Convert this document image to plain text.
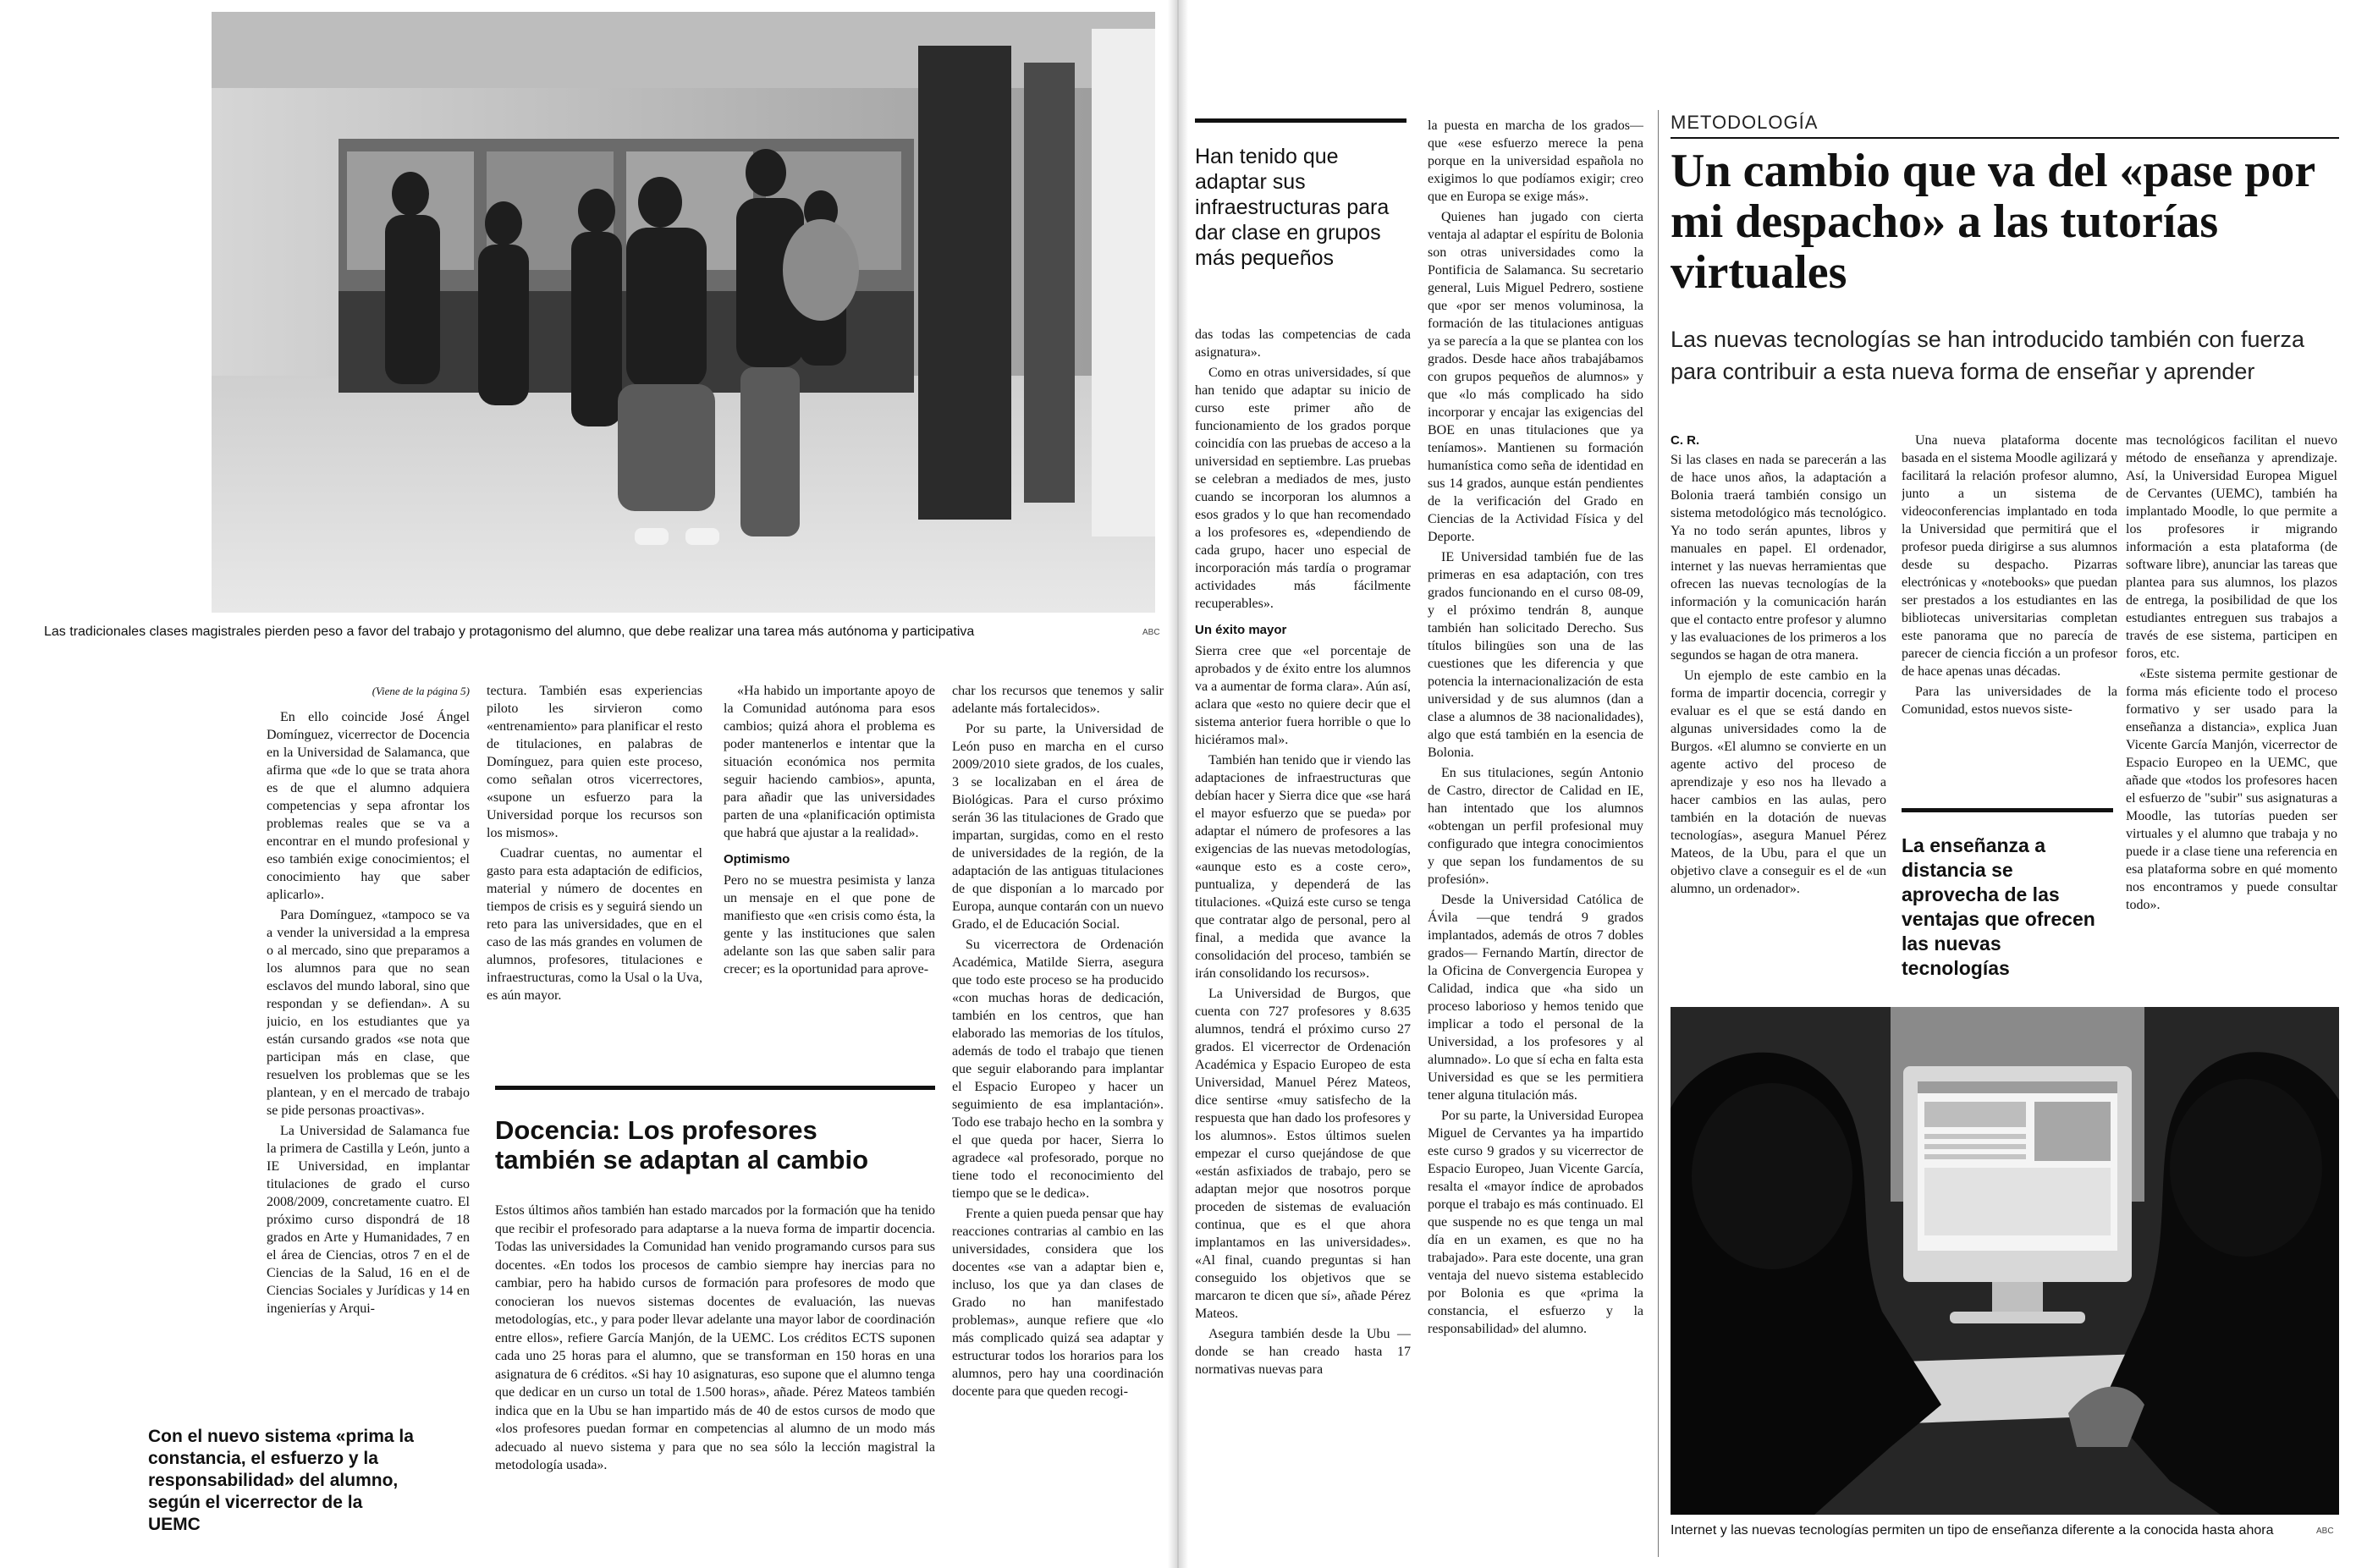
Las tradicionales clases magistrales pierden peso a favor del trabajo y protagonismo del alumno, que debe realizar una tarea más autónoma y participativa	ABC

(Viene de la página 5)

En ello coincide José Ángel Domínguez, vicerrector de Docencia en la Universidad de Salamanca, que afirma que «de lo que se trata ahora es de que el alumno adquiera competencias y sepa afrontar los problemas reales que se va a encontrar en el mundo profesional y eso también exige conocimientos; el conocimiento hay que saber aplicarlo».

Para Domínguez, «tampoco se va a vender la universidad a la empresa o al mercado, sino que preparamos a los alumnos para que no sean esclavos del mundo laboral, sino que respondan y se defiendan». A su juicio, en los estudiantes que ya están cursando grados «se nota que participan más en clase, que resuelven los problemas que se les plantean, y en el mercado de trabajo se pide personas proactivas».

La Universidad de Salamanca fue la primera de Castilla y León, junto a IE Universidad, en implantar titulaciones de grado el curso 2008/2009, concretamente cuatro. El próximo curso dispondrá de 18 grados en Arte y Humanidades, 7 en el área de Ciencias, otros 7 en el de Ciencias de la Salud, 16 en el de Ciencias Sociales y Jurídicas y 14 en ingenierías y Arqui-

tectura. También esas experiencias piloto les sirvieron como «entrenamiento» para planificar el resto de titulaciones, en palabras de Domínguez, para quien este proceso, como señalan otros vicerrectores, «supone un esfuerzo para la Universidad porque los recursos son los mismos».

Cuadrar cuentas, no aumentar el gasto para esta adaptación de edificios, material y número de docentes en tiempos de crisis es y seguirá siendo un reto para las universidades, que en el caso de las más grandes en volumen de alumnos, profesores, titulaciones e infraestructuras, como la Usal o la Uva, es aún mayor.

«Ha habido un importante apoyo de la Comunidad autónoma para esos cambios; quizá ahora el problema es poder mantenerlos e intentar que la situación económica nos permita seguir haciendo cambios», apunta, para añadir que las universidades parten de una «planificación optimista que habrá que ajustar a la realidad».

Optimismo

Pero no se muestra pesimista y lanza un mensaje en el que pone de manifiesto que «en crisis como ésta, la gente y las instituciones que salen adelante son las que saben salir para crecer; es la oportunidad para aprove-

char los recursos que tenemos y salir adelante más fortalecidos».

Por su parte, la Universidad de León puso en marcha en el curso 2009/2010 siete grados, de los cuales, 3 se localizaban en el área de Biológicas. Para el curso próximo serán 36 las titulaciones de Grado que impartan, surgidas, como en el resto de universidades de la región, de la adaptación de las antiguas titulaciones de que disponían a lo marcado por Europa, aunque contarán con un nuevo Grado, el de Educación Social.

Su vicerrectora de Ordenación Académica, Matilde Sierra, asegura que todo este proceso se ha producido «con muchas horas de dedicación, también en los centros, que han elaborado las memorias de los títulos, además de todo el trabajo que tienen que seguir elaborando para implantar el Espacio Europeo y hacer un seguimiento de esa implantación». Todo ese trabajo hecho en la sombra y el que queda por hacer, Sierra lo agradece «al profesorado, porque no tiene todo el reconocimiento del tiempo que se le dedica».

Frente a quien pueda pensar que hay reacciones contrarias al cambio en las universidades, considera que los docentes «se van a adaptar bien e, incluso, los que ya dan clases de Grado no han manifestado problemas», aunque refiere que «lo más complicado quizá sea adaptar y estructurar todos los horarios para los alumnos, pero hay una coordinación docente para que queden recogi-

Docencia: Los profesores también se adaptan al cambio

Estos últimos años también han estado marcados por la formación que ha tenido que recibir el profesorado para adaptarse a la nueva forma de impartir docencia. Todas las universidades la Comunidad han venido programando cursos para sus docentes. «En todos los procesos de cambio siempre hay inercias para no cambiar, pero ha habido cursos de formación para profesores de modo que conocieran los nuevos sistemas docentes de evaluación, las nuevas metodologías, etc., y para poder llevar adelante una mayor labor de coordinación entre ellos», refiere García Manjón, de la UEMC. Los créditos ECTS suponen cada uno 25 horas para el alumno, que se transforman en 150 horas en una asignatura de 6 créditos. «Si hay 10 asignaturas, eso supone que el alumno tenga que dedicar en un curso un total de 1.500 horas», añade. Pérez Mateos también indica que en la Ubu se han impartido más de 40 de estos cursos de modo que «los profesores puedan formar en competencias al alumno de un modo más adecuado al nuevo sistema y para que no sea sólo la lección magistral la metodología usada».

Con el nuevo sistema «prima la constancia, el esfuerzo y la responsabilidad» del alumno, según el vicerrector de la UEMC
Han tenido que adaptar sus infraestructuras para dar clase en grupos más pequeños

das todas las competencias de cada asignatura».

Como en otras universidades, sí que han tenido que adaptar su inicio de curso este primer año de funcionamiento de los grados porque coincidía con las pruebas de acceso a la universidad en septiembre. Las pruebas se celebran a mediados de mes, justo cuando se incorporan los alumnos a esos grados y lo que han recomendado a los profesores es, «dependiendo de cada grupo, hacer uno especial de incorporación más tardía o programar actividades más fácilmente recuperables».

Un éxito mayor

Sierra cree que «el porcentaje de aprobados y de éxito entre los alumnos va a aumentar de forma clara». Aún así, aclara que «esto no quiere decir que el sistema anterior fuera horrible o que lo hiciéramos mal».

También han tenido que ir viendo las adaptaciones de infraestructuras que debían hacer y Sierra dice que «se hará el mayor esfuerzo que se pueda» por adaptar el número de profesores a las exigencias de las nuevas metodologías, «aunque esto es a coste cero», puntualiza, y dependerá de las titulaciones. «Quizá este curso se tenga que contratar algo de personal, pero al final, a medida que avance la consolidación del proceso, también se irán consolidando los recursos».

La Universidad de Burgos, que cuenta con 727 profesores y 8.635 alumnos, tendrá el próximo curso 27 grados. El vicerrector de Ordenación Académica y Espacio Europeo de esta Universidad, Manuel Pérez Mateos, dice sentirse «muy satisfecho de la respuesta que han dado los profesores y los alumnos». Estos últimos suelen empezar el curso quejándose de que «están asfixiados de trabajo, pero se adaptan mejor que nosotros porque proceden de sistemas de evaluación continua, que es el que ahora implantamos en las universidades». «Al final, cuando preguntas si han conseguido los objetivos que se marcaron te dicen que sí», añade Pérez Mateos.

Asegura también desde la Ubu —donde se han creado hasta 17 normativas nuevas para

la puesta en marcha de los grados— que «ese esfuerzo merece la pena porque en la universidad española no exigimos lo que podíamos exigir; creo que en Europa se exige más».

Quienes han jugado con cierta ventaja al adaptar el espíritu de Bolonia son otras universidades como la Pontificia de Salamanca. Su secretario general, Luis Miguel Pedrero, sostiene que «por ser menos voluminosa, la formación de las titulaciones antiguas ya se parecía a la que se plantea con los grados. Desde hace años trabajábamos con grupos pequeños de alumnos» y que «lo más complicado ha sido incorporar y encajar las exigencias del BOE en unas titulaciones que ya teníamos». Mantienen su formación humanística como seña de identidad en sus 14 grados, aunque están pendientes de la verificación del Grado en Ciencias de la Actividad Física y del Deporte.

IE Universidad también fue de las primeras en esa adaptación, con tres grados funcionando en el curso 08-09, y el próximo tendrán 8, aunque también han solicitado Derecho. Sus títulos bilingües son una de las cuestiones que les diferencia y que potencia la internacionalización de esta universidad y de sus alumnos (dan a clase a alumnos de 38 nacionalidades), algo que está también en la esencia de Bolonia.

En sus titulaciones, según Antonio de Castro, director de Calidad en IE, han intentado que los alumnos «obtengan un perfil profesional muy configurado que integra conocimientos y que sepan los fundamentos de su profesión».

Desde la Universidad Católica de Ávila —que tendrá 9 grados implantados, además de otros 7 dobles grados— Fernando Martín, director de la Oficina de Convergencia Europea y Calidad, indica que «ha sido un proceso laborioso y hemos tenido que implicar a todo el personal de la Universidad, a los profesores y al alumnado». Lo que sí echa en falta esta Universidad es que se les permitiera tener alguna titulación más.

Por su parte, la Universidad Europea Miguel de Cervantes ya ha impartido este curso 9 grados y su vicerrector de Espacio Europeo, Juan Vicente García, resalta el «mayor índice de aprobados porque el trabajo es más continuado. El que suspende no es que tenga un mal día en un examen, es que no ha trabajado». Para este docente, una gran ventaja del nuevo sistema establecido por Bolonia es que «prima la constancia, el esfuerzo y la responsabilidad» del alumno.

METODOLOGÍA
Un cambio que va del «pase por mi despacho» a las tutorías virtuales
Las nuevas tecnologías se han introducido también con fuerza para contribuir a esta nueva forma de enseñar y aprender

C. R.

Si las clases en nada se parecerán a las de hace unos años, la adaptación a Bolonia traerá también consigo un sistema metodológico más tecnológico. Ya no todo serán apuntes, libros y manuales en papel. El ordenador, internet y las nuevas herramientas que ofrecen las nuevas tecnologías de la información y la comunicación harán que el contacto entre profesor y alumno y las evaluaciones de los primeros a los segundos se hagan de otra manera.

Un ejemplo de este cambio en la forma de impartir docencia, corregir y evaluar es el que se está dando en algunas universidades como la de Burgos. «El alumno se convierte en un agente activo del proceso de aprendizaje y eso nos ha llevado a hacer cambios en las aulas, pero también en la dotación de nuevas tecnologías», asegura Manuel Pérez Mateos, de la Ubu, para el que un objetivo clave a conseguir es el de «un alumno, un ordenador».

Una nueva plataforma docente basada en el sistema Moodle agilizará y facilitará la relación profesor alumno, junto a un sistema de videoconferencias implantado en toda la Universidad que permitirá que el profesor pueda dirigirse a sus alumnos desde su despacho. Pizarras electrónicas y «notebooks» que puedan ser prestados a los estudiantes en las bibliotecas universitarias completan este panorama que no parecía de parecer de ciencia ficción a un profesor de hace apenas unas décadas.

Para las universidades de la Comunidad, estos nuevos siste-

La enseñanza a distancia se aprovecha de las ventajas que ofrecen las nuevas tecnologías

mas tecnológicos facilitan el nuevo método de enseñanza y aprendizaje. Así, la Universidad Europea Miguel de Cervantes (UEMC), también ha implantado Moodle, lo que permite a los profesores ir migrando información a esta plataforma (de software libre), anunciar las tareas que plantea para sus alumnos, los plazos de entrega, la posibilidad de que los estudiantes entreguen sus trabajos a través de ese sistema, participen en foros, etc.

«Este sistema permite gestionar de forma más eficiente todo el proceso formativo y ser usado para la enseñanza a distancia», explica Juan Vicente García Manjón, vicerrector de Espacio Europeo en la UEMC, que añade que «todos los profesores hacen el esfuerzo de "subir" sus asignaturas a Moodle, las tutorías pueden ser virtuales y el alumno que trabaja y no puede ir a clase tiene una referencia en esa plataforma sobre en qué momento nos encontramos y puede consultar todo».

Internet y las nuevas tecnologías permiten un tipo de enseñanza diferente a la conocida hasta ahora	ABC
